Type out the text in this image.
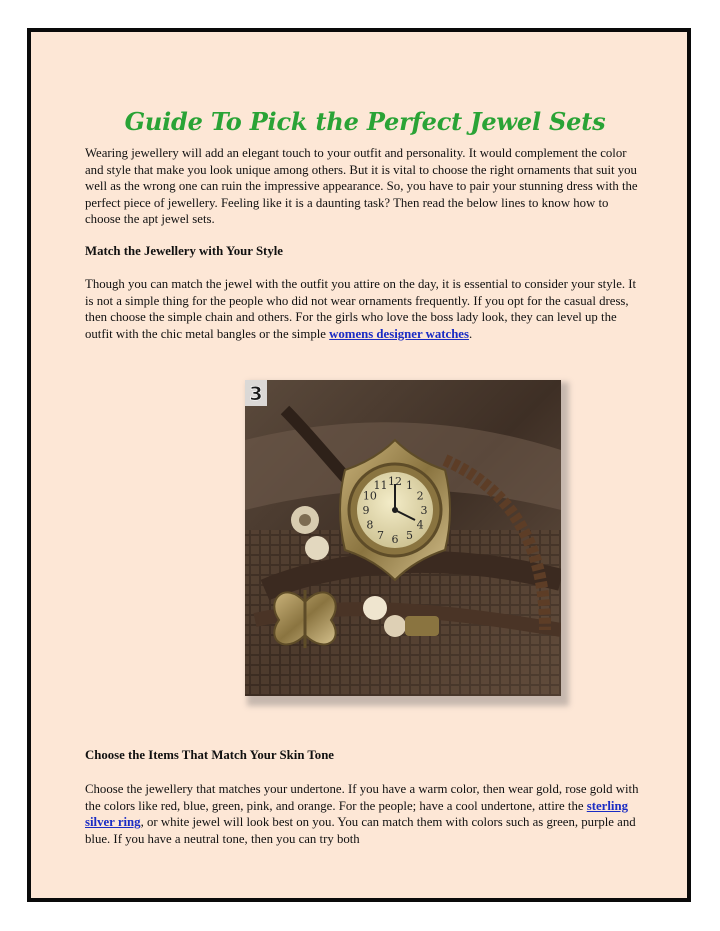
Guide To Pick the Perfect Jewel Sets

Wearing jewellery will add an elegant touch to your outfit and personality. It would complement the color and style that make you look unique among others. But it is vital to choose the right ornaments that suit you well as the wrong one can ruin the impressive appearance. So, you have to pair your stunning dress with the perfect piece of jewellery. Feeling like it is a daunting task? Then read the below lines to know how to choose the apt jewel sets.

Match the Jewellery with Your Style

Though you can match the jewel with the outfit you attire on the day, it is essential to consider your style. It is not a simple thing for the people who did not wear ornaments frequently. If you opt for the casual dress, then choose the simple chain and others. For the girls who love the boss lady look, they can level up the outfit with the chic metal bangles or the simple womens designer watches.

12 1
2
3
4
5
6
7
8
9
10
11
3

Choose the Items That Match Your Skin Tone

Choose the jewellery that matches your undertone. If you have a warm color, then wear gold, rose gold with the colors like red, blue, green, pink, and orange. For the people; have a cool undertone, attire the sterling silver ring, or white jewel will look best on you. You can match them with colors such as green, purple and blue. If you have a neutral tone, then you can try both
